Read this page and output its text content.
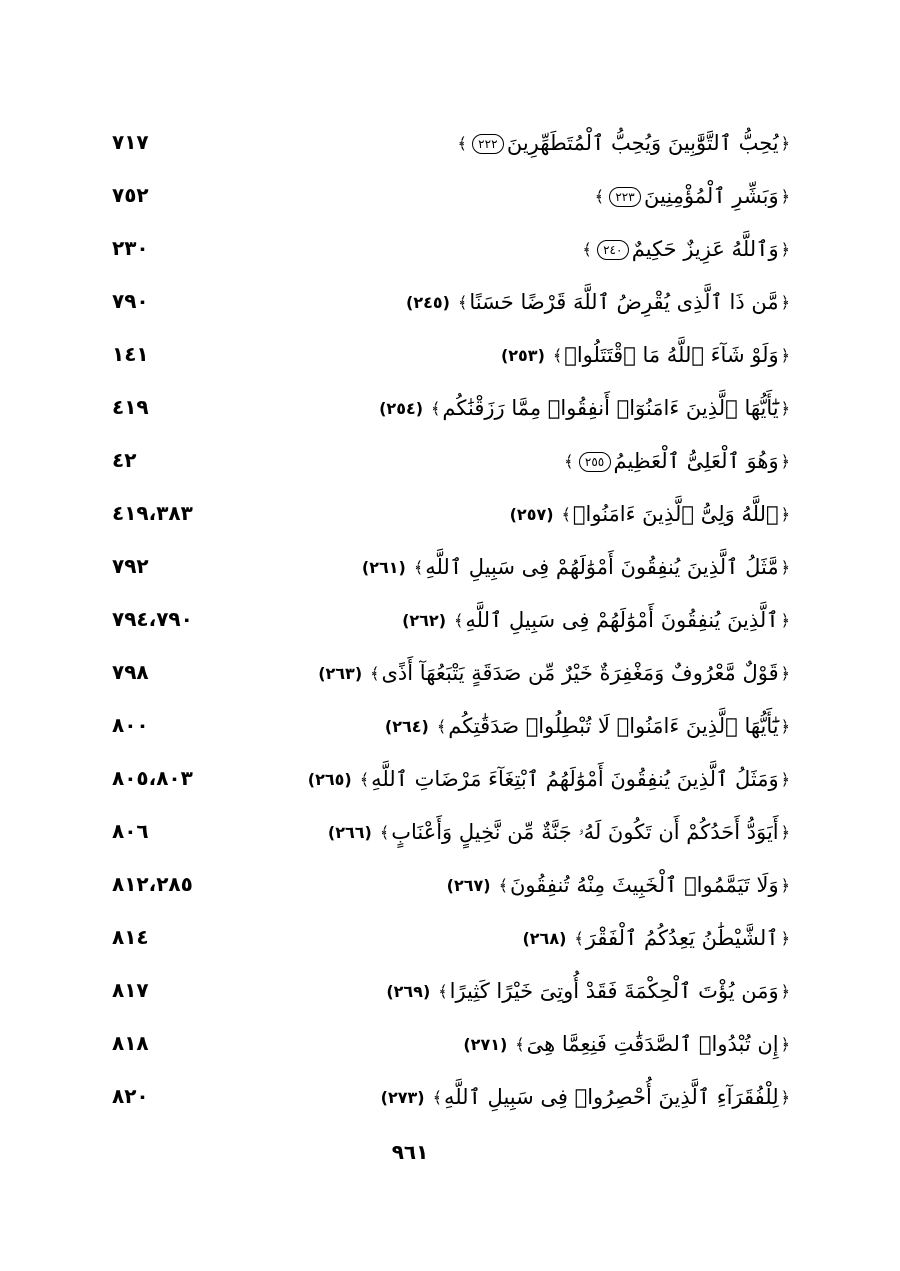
٧١٧	﴿يُحِبُّ ٱلتَّوَّٰبِينَ وَيُحِبُّ ٱلْمُتَطَهِّرِينَ٢٢٢﴾
٧٥٢	﴿وَبَشِّرِ ٱلْمُؤْمِنِينَ٢٢٣﴾
٢٣٠	﴿وَٱللَّهُ عَزِيزٌ حَكِيمٌ٢٤٠﴾
٧٩٠	﴿مَّن ذَا ٱلَّذِى يُقْرِضُ ٱللَّهَ قَرْضًا حَسَنًا﴾(٢٤٥)
١٤١	﴿وَلَوْ شَآءَ ٱللَّهُ مَا ٱقْتَتَلُوا۟﴾(٢٥٣)
٤١٩	﴿يَٰٓأَيُّهَا ٱلَّذِينَ ءَامَنُوٓا۟ أَنفِقُوا۟ مِمَّا رَزَقْنَٰكُم﴾(٢٥٤)
٤٢	﴿وَهُوَ ٱلْعَلِىُّ ٱلْعَظِيمُ٢٥٥﴾
٤١٩،٣٨٣	﴿ٱللَّهُ وَلِىُّ ٱلَّذِينَ ءَامَنُوا۟﴾(٢٥٧)
٧٩٢	﴿مَّثَلُ ٱلَّذِينَ يُنفِقُونَ أَمْوَٰلَهُمْ فِى سَبِيلِ ٱللَّهِ﴾(٢٦١)
٧٩٤،٧٩٠	﴿ٱلَّذِينَ يُنفِقُونَ أَمْوَٰلَهُمْ فِى سَبِيلِ ٱللَّهِ﴾(٢٦٢)
٧٩٨	﴿قَوْلٌ مَّعْرُوفٌ وَمَغْفِرَةٌ خَيْرٌ مِّن صَدَقَةٍ يَتْبَعُهَآ أَذًى﴾(٢٦٣)
٨٠٠	﴿يَٰٓأَيُّهَا ٱلَّذِينَ ءَامَنُوا۟ لَا تُبْطِلُوا۟ صَدَقَٰتِكُم﴾(٢٦٤)
٨٠٥،٨٠٣	﴿وَمَثَلُ ٱلَّذِينَ يُنفِقُونَ أَمْوَٰلَهُمُ ٱبْتِغَآءَ مَرْضَاتِ ٱللَّهِ﴾(٢٦٥)
٨٠٦	﴿أَيَوَدُّ أَحَدُكُمْ أَن تَكُونَ لَهُۥ جَنَّةٌ مِّن نَّخِيلٍ وَأَعْنَابٍ﴾(٢٦٦)
٨١٢،٢٨٥	﴿وَلَا تَيَمَّمُوا۟ ٱلْخَبِيثَ مِنْهُ تُنفِقُونَ﴾(٢٦٧)
٨١٤	﴿ٱلشَّيْطَٰنُ يَعِدُكُمُ ٱلْفَقْرَ﴾(٢٦٨)
٨١٧	﴿وَمَن يُؤْتَ ٱلْحِكْمَةَ فَقَدْ أُوتِىَ خَيْرًا كَثِيرًا﴾(٢٦٩)
٨١٨	﴿إِن تُبْدُوا۟ ٱلصَّدَقَٰتِ فَنِعِمَّا هِىَ﴾(٢٧١)
٨٢٠	﴿لِلْفُقَرَآءِ ٱلَّذِينَ أُحْصِرُوا۟ فِى سَبِيلِ ٱللَّهِ﴾(٢٧٣)
٩٦١
